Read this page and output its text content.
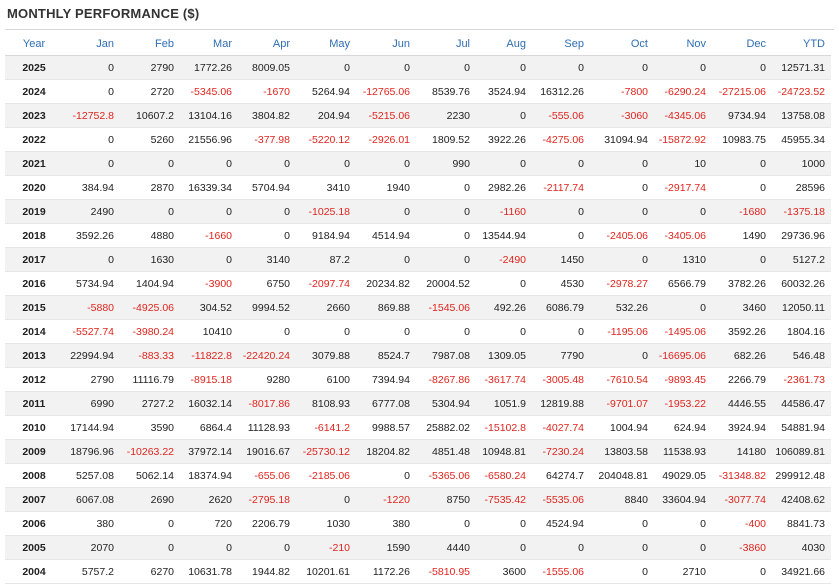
MONTHLY PERFORMANCE ($)
Year	Jan	Feb	Mar	Apr	May	Jun	Jul	Aug	Sep	Oct	Nov	Dec	YTD
2025	0	2790	1772.26	8009.05	0	0	0	0	0	0	0	0	12571.31
2024	0	2720	-5345.06	-1670	5264.94	-12765.06	8539.76	3524.94	16312.26	-7800	-6290.24	-27215.06	-24723.52
2023	-12752.8	10607.2	13104.16	3804.82	204.94	-5215.06	2230	0	-555.06	-3060	-4345.06	9734.94	13758.08
2022	0	5260	21556.96	-377.98	-5220.12	-2926.01	1809.52	3922.26	-4275.06	31094.94	-15872.92	10983.75	45955.34
2021	0	0	0	0	0	0	990	0	0	0	10	0	1000
2020	384.94	2870	16339.34	5704.94	3410	1940	0	2982.26	-2117.74	0	-2917.74	0	28596
2019	2490	0	0	0	-1025.18	0	0	-1160	0	0	0	-1680	-1375.18
2018	3592.26	4880	-1660	0	9184.94	4514.94	0	13544.94	0	-2405.06	-3405.06	1490	29736.96
2017	0	1630	0	3140	87.2	0	0	-2490	1450	0	1310	0	5127.2
2016	5734.94	1404.94	-3900	6750	-2097.74	20234.82	20004.52	0	4530	-2978.27	6566.79	3782.26	60032.26
2015	-5880	-4925.06	304.52	9994.52	2660	869.88	-1545.06	492.26	6086.79	532.26	0	3460	12050.11
2014	-5527.74	-3980.24	10410	0	0	0	0	0	0	-1195.06	-1495.06	3592.26	1804.16
2013	22994.94	-883.33	-11822.8	-22420.24	3079.88	8524.7	7987.08	1309.05	7790	0	-16695.06	682.26	546.48
2012	2790	11116.79	-8915.18	9280	6100	7394.94	-8267.86	-3617.74	-3005.48	-7610.54	-9893.45	2266.79	-2361.73
2011	6990	2727.2	16032.14	-8017.86	8108.93	6777.08	5304.94	1051.9	12819.88	-9701.07	-1953.22	4446.55	44586.47
2010	17144.94	3590	6864.4	11128.93	-6141.2	9988.57	25882.02	-15102.8	-4027.74	1004.94	624.94	3924.94	54881.94
2009	18796.96	-10263.22	37972.14	19016.67	-25730.12	18204.82	4851.48	10948.81	-7230.24	13803.58	11538.93	14180	106089.81
2008	5257.08	5062.14	18374.94	-655.06	-2185.06	0	-5365.06	-6580.24	64274.7	204048.81	49029.05	-31348.82	299912.48
2007	6067.08	2690	2620	-2795.18	0	-1220	8750	-7535.42	-5535.06	8840	33604.94	-3077.74	42408.62
2006	380	0	720	2206.79	1030	380	0	0	4524.94	0	0	-400	8841.73
2005	2070	0	0	0	-210	1590	4440	0	0	0	0	-3860	4030
2004	5757.2	6270	10631.78	1944.82	10201.61	1172.26	-5810.95	3600	-1555.06	0	2710	0	34921.66
